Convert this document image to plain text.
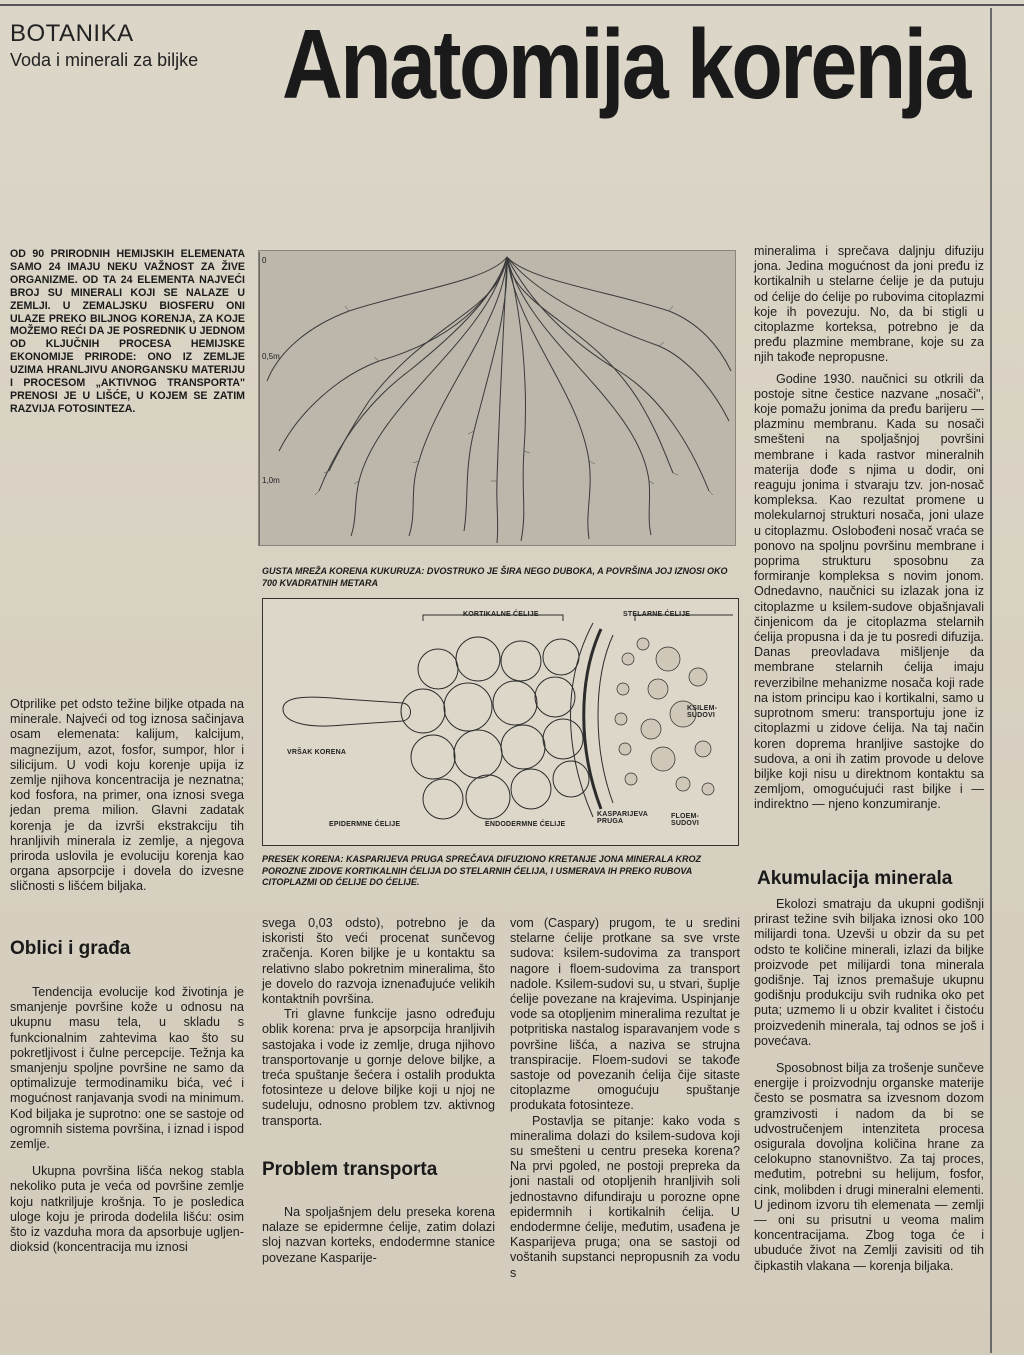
BOTANIKA
Voda i minerali za biljke Anatomija korenja
OD 90 PRIRODNIH HEMIJSKIH ELEMENATA SAMO 24 IMAJU NEKU VAŽNOST ZA ŽIVE ORGANIZME. OD TA 24 ELEMENTA NAJVEĆI BROJ SU MINERALI KOJI SE NALAZE U ZEMLJI. U ZEMALJSKU BIOSFERU ONI ULAZE PREKO BILJNOG KORENJA, ZA KOJE MOŽEMO REĆI DA JE POSREDNIK U JEDNOM OD KLJUČNIH PROCESA HEMIJSKE EKONOMIJE PRIRODE: ONO IZ ZEMLJE UZIMA HRANLJIVU ANORGANSKU MATERIJU I PROCESOM „AKTIVNOG TRANSPORTA" PRENOSI JE U LIŠĆE, U KOJEM SE ZATIM RAZVIJA FOTOSINTEZA.
0
0,5m
1,0m
GUSTA MREŽA KORENA KUKURUZA: DVOSTRUKO JE ŠIRA NEGO DUBOKA, A POVRŠINA JOJ IZNOSI OKO 700 KVADRATNIH METARA
KORTIKALNE ĆELIJE	STELARNE ĆELIJE
VRŠAK KORENA
KSILEM-SUDOVI
EPIDERMNE ĆELIJE	ENDODERMNE ĆELIJE
KASPARIJEVA PRUGA
FLOEM-SUDOVI
PRESEK KORENA: KASPARIJEVA PRUGA SPREČAVA DIFUZIONO KRETANJE JONA MINERALA KROZ POROZNE ZIDOVE KORTIKALNIH ĆELIJA DO STELARNIH ĆELIJA, I USMERAVA IH PREKO RUBOVA CITOPLAZMI OD ĆELIJE DO ĆELIJE.

Otprilike pet odsto težine biljke otpada na minerale. Najveći od tog iznosa sačinjava osam elemenata: kalijum, kalcijum, magnezijum, azot, fosfor, sumpor, hlor i silicijum. U vodi koju korenje upija iz zemlje njihova koncentracija je neznatna; kod fosfora, na primer, ona iznosi svega jedan prema milion. Glavni zadatak korenja je da izvrši ekstrakciju tih hranljivih minerala iz zemlje, a njegova priroda uslovila je evoluciju korenja kao organa apsorpcije i dovela do izvesne sličnosti s lišćem biljaka.

Oblici i građa

Tendencija evolucije kod životinja je smanjenje površine kože u odnosu na ukupnu masu tela, u skladu s funkcionalnim zahtevima kao što su pokretljivost i čulne percepcije. Težnja ka smanjenju spoljne površine ne samo da optimalizuje termodinamiku bića, već i mogućnost ranjavanja svodi na minimum. Kod biljaka je suprotno: one se sastoje od ogromnih sistema površina, i iznad i ispod zemlje.

Ukupna površina lišća nekog stabla nekoliko puta je veća od površine zemlje koju natkriljuje krošnja. To je posledica uloge koju je priroda dodelila lišću: osim što iz vazduha mora da apsorbuje ugljen-dioksid (koncentracija mu iznosi

svega 0,03 odsto), potrebno je da iskoristi što veći procenat sunčevog zračenja. Koren biljke je u kontaktu sa relativno slabo pokretnim mineralima, što je dovelo do razvoja iznenađujuće velikih kontaktnih površina.

Tri glavne funkcije jasno određuju oblik korena: prva je apsorpcija hranljivih sastojaka i vode iz zemlje, druga njihovo transportovanje u gornje delove biljke, a treća spuštanje šećera i ostalih produkta fotosinteze u delove biljke koji u njoj ne sudeluju, odnosno problem tzv. aktivnog transporta.

Problem transporta

Na spoljašnjem delu preseka korena nalaze se epidermne ćelije, zatim dolazi sloj nazvan korteks, endodermne stanice povezane Kasparije-

vom (Caspary) prugom, te u sredini stelarne ćelije protkane sa sve vrste sudova: ksilem-sudovima za transport nagore i floem-sudovima za transport nadole. Ksilem-sudovi su, u stvari, šuplje ćelije povezane na krajevima. Uspinjanje vode sa otopljenim mineralima rezultat je potpritiska nastalog isparavanjem vode s površine lišća, a naziva se strujna transpiracije. Floem-sudovi se takođe sastoje od povezanih ćelija čije sitaste citoplazme omogućuju spuštanje produkata fotosinteze.

Postavlja se pitanje: kako voda s mineralima dolazi do ksilem-sudova koji su smešteni u centru preseka korena? Na prvi pgoled, ne postoji prepreka da joni nastali od otopljenih hranljivih soli jednostavno difundiraju u porozne opne epidermnih i kortikalnih ćelija. U endodermne ćelije, međutim, usađena je Kasparijeva pruga; ona se sastoji od voštanih supstanci nepropusnih za vodu s

mineralima i sprečava daljnju difuziju jona. Jedina mogućnost da joni pređu iz kortikalnih u stelarne ćelije je da putuju od ćelije do ćelije po rubovima citoplazmi koje ih povezuju. No, da bi stigli u citoplazme korteksa, potrebno je da pređu plazmine membrane, koje su za njih takođe nepropusne.

Godine 1930. naučnici su otkrili da postoje sitne čestice nazvane „nosači", koje pomažu jonima da pređu barijeru — plazminu membranu. Kada su nosači smešteni na spoljašnjoj površini membrane i kada rastvor mineralnih materija dođe s njima u dodir, oni reaguju jonima i stvaraju tzv. jon-nosač kompleksa. Kao rezultat promene u molekularnoj strukturi nosača, joni ulaze u citoplazmu. Oslobođeni nosač vraća se ponovo na spoljnu površinu membrane i poprima strukturu sposobnu za formiranje kompleksa s novim jonom. Odnedavno, naučnici su izlazak jona iz citoplazme u ksilem-sudove objašnjavali činjenicom da je citoplazma stelarnih ćelija propusna i da je tu posredi difuzija. Danas preovladava mišljenje da membrane stelarnih ćelija imaju reverzibilne mehanizme nosača koji rade na istom principu kao i kortikalni, samo u suprotnom smeru: transportuju jone iz citoplazmi u zidove ćelija. Na taj način koren doprema hranljive sastojke do sudova, a oni ih zatim provode u delove biljke koji nisu u direktnom kontaktu sa zemljom, omogućujući rast biljke i — indirektno — njeno konzumiranje.

Akumulacija minerala

Ekolozi smatraju da ukupni godišnji prirast težine svih biljaka iznosi oko 100 milijardi tona. Uzevši u obzir da su pet odsto te količine minerali, izlazi da biljke proizvode pet milijardi tona minerala godišnje. Taj iznos premašuje ukupnu godišnju produkciju svih rudnika oko pet puta; uzmemo li u obzir kvalitet i čistoću proizvedenih minerala, taj odnos se još i povećava.

Sposobnost bilja za trošenje sunčeve energije i proizvodnju organske materije često se posmatra sa izvesnom dozom gramzivosti i nadom da bi se udvostručenjem intenziteta procesa osigurala dovoljna količina hrane za celokupno stanovništvo. Za taj proces, međutim, potrebni su helijum, fosfor, cink, molibden i drugi mineralni elementi. U jedinom izvoru tih elemenata — zemlji — oni su prisutni u veoma malim koncentracijama. Zbog toga će i ubuduće život na Zemlji zavisiti od tih čipkastih vlakana — korenja biljaka.
